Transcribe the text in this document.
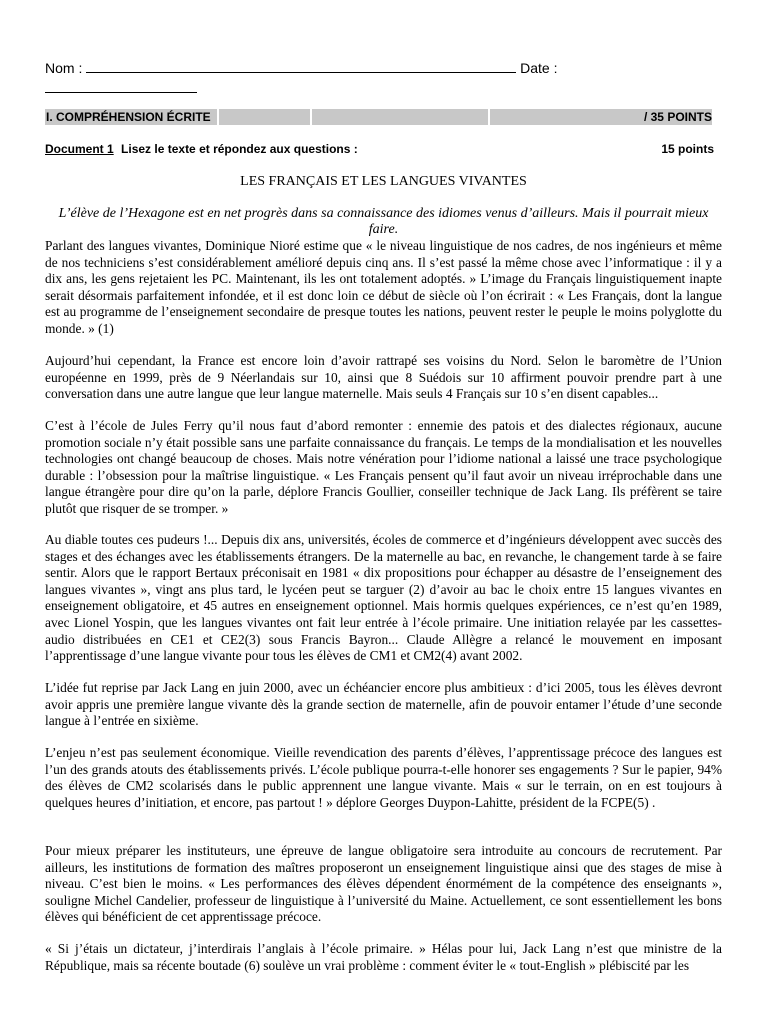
Nom :	Date :
I. COMPRÉHENSION ÉCRITE	/ 35 POINTS
Document 1 Lisez le texte et répondez aux questions :	15 points
LES FRANÇAIS ET LES LANGUES VIVANTES
L’élève de l’Hexagone est en net progrès dans sa connaissance des idiomes venus d’ailleurs. Mais il pourrait mieux faire.

Parlant des langues vivantes, Dominique Nioré estime que « le niveau linguistique de nos cadres, de nos ingénieurs et même de nos techniciens s’est considérablement amélioré depuis cinq ans. Il s’est passé la même chose avec l’informatique : il y a dix ans, les gens rejetaient les PC. Maintenant, ils les ont totalement adoptés. » L’image du Français linguistiquement inapte serait désormais parfaitement infondée, et il est donc loin ce début de siècle où l’on écrirait : « Les Français, dont la langue est au programme de l’enseignement secondaire de presque toutes les nations, peuvent rester le peuple le moins polyglotte du monde. » (1)

Aujourd’hui cependant, la France est encore loin d’avoir rattrapé ses voisins du Nord. Selon le baromètre de l’Union européenne en 1999, près de 9 Néerlandais sur 10, ainsi que 8 Suédois sur 10 affirment pouvoir prendre part à une conversation dans une autre langue que leur langue maternelle. Mais seuls 4 Français sur 10 s’en disent capables...

C’est à l’école de Jules Ferry qu’il nous faut d’abord remonter : ennemie des patois et des dialectes régionaux, aucune promotion sociale n’y était possible sans une parfaite connaissance du français. Le temps de la mondialisation et les nouvelles technologies ont changé beaucoup de choses. Mais notre vénération pour l’idiome national a laissé une trace psychologique durable : l’obsession pour la maîtrise linguistique. « Les Français pensent qu’il faut avoir un niveau irréprochable dans une langue étrangère pour dire qu’on la parle, déplore Francis Goullier, conseiller technique de Jack Lang. Ils préfèrent se taire plutôt que risquer de se tromper. »

Au diable toutes ces pudeurs !... Depuis dix ans, universités, écoles de commerce et d’ingénieurs développent avec succès des stages et des échanges avec les établissements étrangers. De la maternelle au bac, en revanche, le changement tarde à se faire sentir. Alors que le rapport Bertaux préconisait en 1981 « dix propositions pour échapper au désastre de l’enseignement des langues vivantes », vingt ans plus tard, le lycéen peut se targuer (2) d’avoir au bac le choix entre 15 langues vivantes en enseignement obligatoire, et 45 autres en enseignement optionnel. Mais hormis quelques expériences, ce n’est qu’en 1989, avec Lionel Yospin, que les langues vivantes ont fait leur entrée à l’école primaire. Une initiation relayée par les cassettes-audio distribuées en CE1 et CE2(3) sous Francis Bayron... Claude Allègre a relancé le mouvement en imposant l’apprentissage d’une langue vivante pour tous les élèves de CM1 et CM2(4) avant 2002.

L’idée fut reprise par Jack Lang en juin 2000, avec un échéancier encore plus ambitieux : d’ici 2005, tous les élèves devront avoir appris une première langue vivante dès la grande section de maternelle, afin de pouvoir entamer l’étude d’une seconde langue à l’entrée en sixième.

L’enjeu n’est pas seulement économique. Vieille revendication des parents d’élèves, l’apprentissage précoce des langues est l’un des grands atouts des établissements privés. L’école publique pourra-t-elle honorer ses engagements ? Sur le papier, 94% des élèves de CM2 scolarisés dans le public apprennent une langue vivante. Mais « sur le terrain, on en est toujours à quelques heures d’initiation, et encore, pas partout ! » déplore Georges Duypon-Lahitte, président de la FCPE(5) .

Pour mieux préparer les instituteurs, une épreuve de langue obligatoire sera introduite au concours de recrutement. Par ailleurs, les institutions de formation des maîtres proposeront un enseignement linguistique ainsi que des stages de mise à niveau. C’est bien le moins. « Les performances des élèves dépendent énormément de la compétence des enseignants », souligne Michel Candelier, professeur de linguistique à l’université du Maine. Actuellement, ce sont essentiellement les bons élèves qui bénéficient de cet apprentissage précoce.

« Si j’étais un dictateur, j’interdirais l’anglais à l’école primaire. » Hélas pour lui, Jack Lang n’est que ministre de la République, mais sa récente boutade (6) soulève un vrai problème : comment éviter le « tout-English » plébiscité par les
